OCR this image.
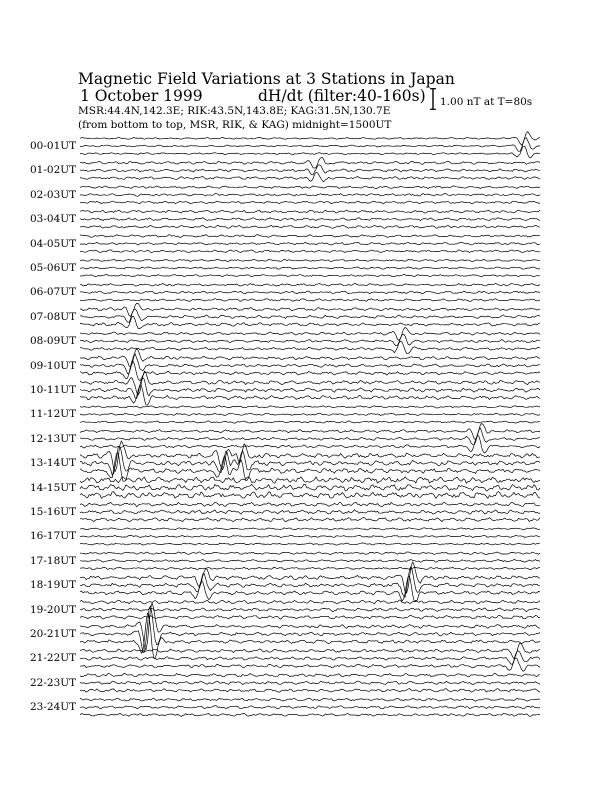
Magnetic Field Variations at 3 Stations in Japan
1 October 1999	dH/dt (filter:40-160s)
MSR:44.4N,142.3E; RIK:43.5N,143.8E; KAG:31.5N,130.7E
(from bottom to top, MSR, RIK, & KAG) midnight=1500UT
1.00 nT at T=80s
00-01UT
01-02UT
02-03UT
03-04UT
04-05UT
05-06UT
06-07UT
07-08UT
08-09UT
09-10UT
10-11UT
11-12UT
12-13UT
13-14UT
14-15UT
15-16UT
16-17UT
17-18UT
18-19UT
19-20UT
20-21UT
21-22UT
22-23UT
23-24UT
